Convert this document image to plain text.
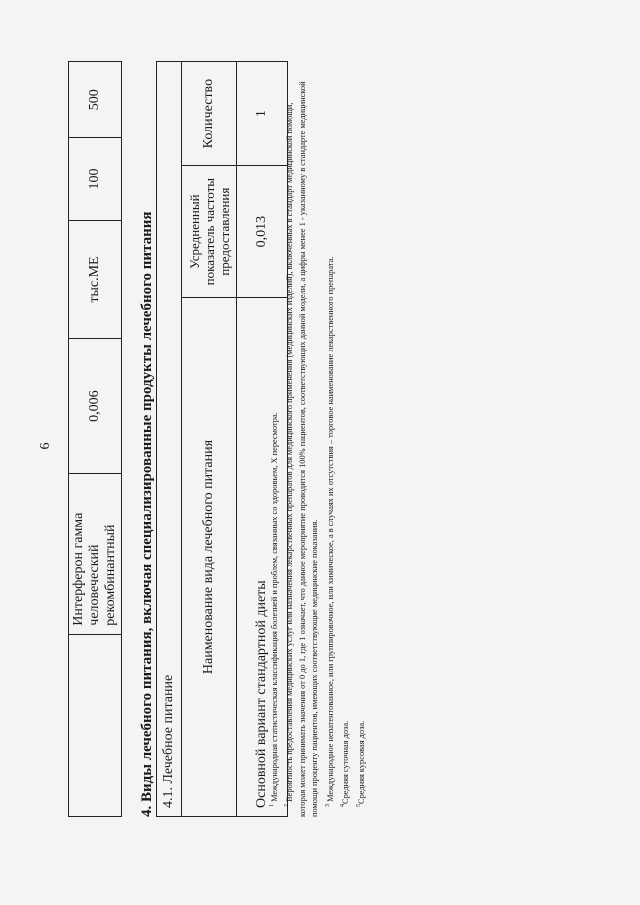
6
	Интерферон гамма человеческий рекомбинантный	0,006	тыс.МЕ	100	500
4. Виды лечебного питания, включая специализированные продукты лечебного питания 4.1. Лечебное питание		
Наименование вида лечебного питания	Усредненный показатель частоты предоставления	Количество
Основной вариант стандартной диеты	0,013	1

$^1$ Международная статистическая классификация болезней и проблем, связанных со здоровьем, X пересмотра.

$^2$ Вероятность предоставления медицинских услуг или назначения лекарственных препаратов для медицинского применения (медицинских изделий), включенных в стандарт медицинской помощи, которая может принимать значения от 0 до 1, где 1 означает, что данное мероприятие проводится 100% пациентов, соответствующих данной модели, а цифры менее 1 - указанному в стандарте медицинской помощи проценту пациентов, имеющих соответствующие медицинские показания. $^3$ Международное непатентованное, или группировочное, или химическое, а в случаях их отсутствия – торговое наименование лекарственного препарата.

$^4$Средняя суточная доза.

$^5$Средняя курсовая доза.
